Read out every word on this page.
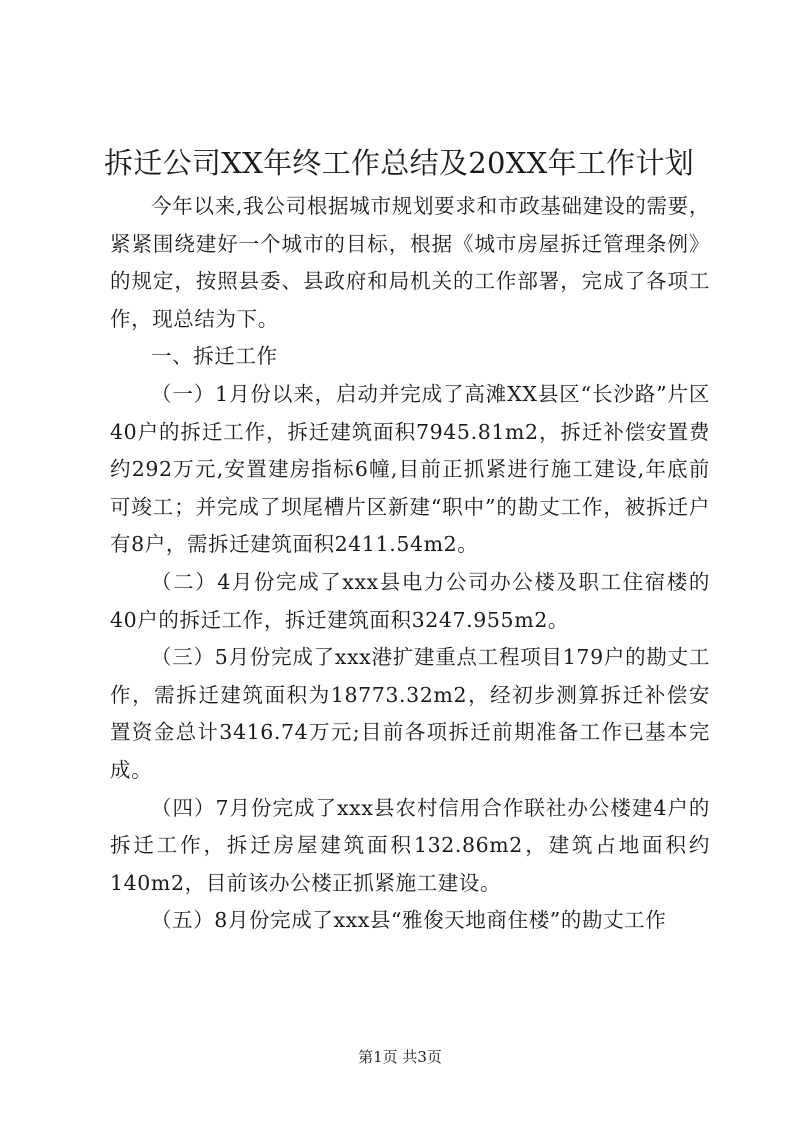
拆迁公司XX年终工作总结及20XX年工作计划

今年以来,我公司根据城市规划要求和市政基础建设的需要，紧紧围绕建好一个城市的目标，根据《城市房屋拆迁管理条例》的规定，按照县委、县政府和局机关的工作部署，完成了各项工作，现总结为下。

一、拆迁工作

（一）1月份以来，启动并完成了高滩XX县区“长沙路”片区40户的拆迁工作，拆迁建筑面积7945.81m2，拆迁补偿安置费约292万元,安置建房指标6幢,目前正抓紧进行施工建设,年底前可竣工；并完成了坝尾槽片区新建“职中”的勘丈工作，被拆迁户有8户，需拆迁建筑面积2411.54m2。

（二）4月份完成了xxx县电力公司办公楼及职工住宿楼的40户的拆迁工作，拆迁建筑面积3247.955m2。

（三）5月份完成了xxx港扩建重点工程项目179户的勘丈工作，需拆迁建筑面积为18773.32m2，经初步测算拆迁补偿安置资金总计3416.74万元;目前各项拆迁前期准备工作已基本完成。

（四）7月份完成了xxx县农村信用合作联社办公楼建4户的拆迁工作，拆迁房屋建筑面积132.86m2，建筑占地面积约140m2，目前该办公楼正抓紧施工建设。

（五）8月份完成了xxx县“雅俊天地商住楼”的勘丈工作

第1页 共3页
